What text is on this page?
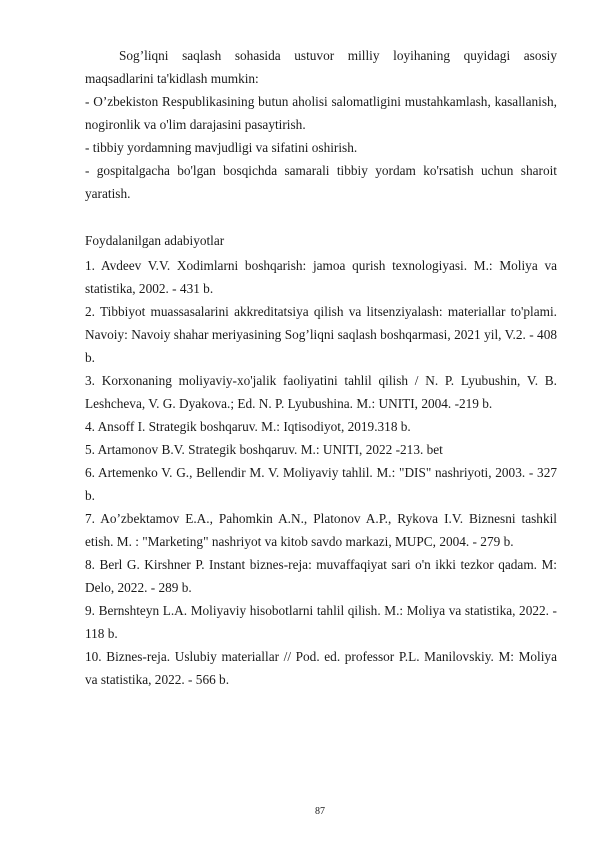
Sog’liqni saqlash sohasida ustuvor milliy loyihaning quyidagi asosiy maqsadlarini ta'kidlash mumkin:

- O’zbekiston Respublikasining butun aholisi salomatligini mustahkamlash, kasallanish, nogironlik va o'lim darajasini pasaytirish.

- tibbiy yordamning mavjudligi va sifatini oshirish.

- gospitalgacha bo'lgan bosqichda samarali tibbiy yordam ko'rsatish uchun sharoit yaratish.

Foydalanilgan adabiyotlar

1. Avdeev V.V. Xodimlarni boshqarish: jamoa qurish texnologiyasi. M.: Moliya va statistika, 2002. - 431 b.
2. Tibbiyot muassasalarini akkreditatsiya qilish va litsenziyalash: materiallar to'plami. Navoiy: Navoiy shahar meriyasining Sog’liqni saqlash boshqarmasi, 2021 yil, V.2. - 408 b.
3. Korxonaning moliyaviy-xo'jalik faoliyatini tahlil qilish / N. P. Lyubushin, V. B. Leshcheva, V. G. Dyakova.; Ed. N. P. Lyubushina. M.: UNITI, 2004. -219 b.
4. Ansoff I. Strategik boshqaruv. M.: Iqtisodiyot, 2019.318 b.
5. Artamonov B.V. Strategik boshqaruv. M.: UNITI, 2022 -213. bet
6. Artemenko V. G., Bellendir M. V. Moliyaviy tahlil. M.: "DIS" nashriyoti, 2003. - 327 b.
7. Ao’zbektamov E.A., Pahomkin A.N., Platonov A.P., Rykova I.V. Biznesni tashkil etish. M. : "Marketing" nashriyot va kitob savdo markazi, MUPC, 2004. - 279 b.
8. Berl G. Kirshner P. Instant biznes-reja: muvaffaqiyat sari o'n ikki tezkor qadam. M: Delo, 2022. - 289 b.
9. Bernshteyn L.A. Moliyaviy hisobotlarni tahlil qilish. M.: Moliya va statistika, 2022. - 118 b.
10. Biznes-reja. Uslubiy materiallar // Pod. ed. professor P.L. Manilovskiy. M: Moliya va statistika, 2022. - 566 b.
87
